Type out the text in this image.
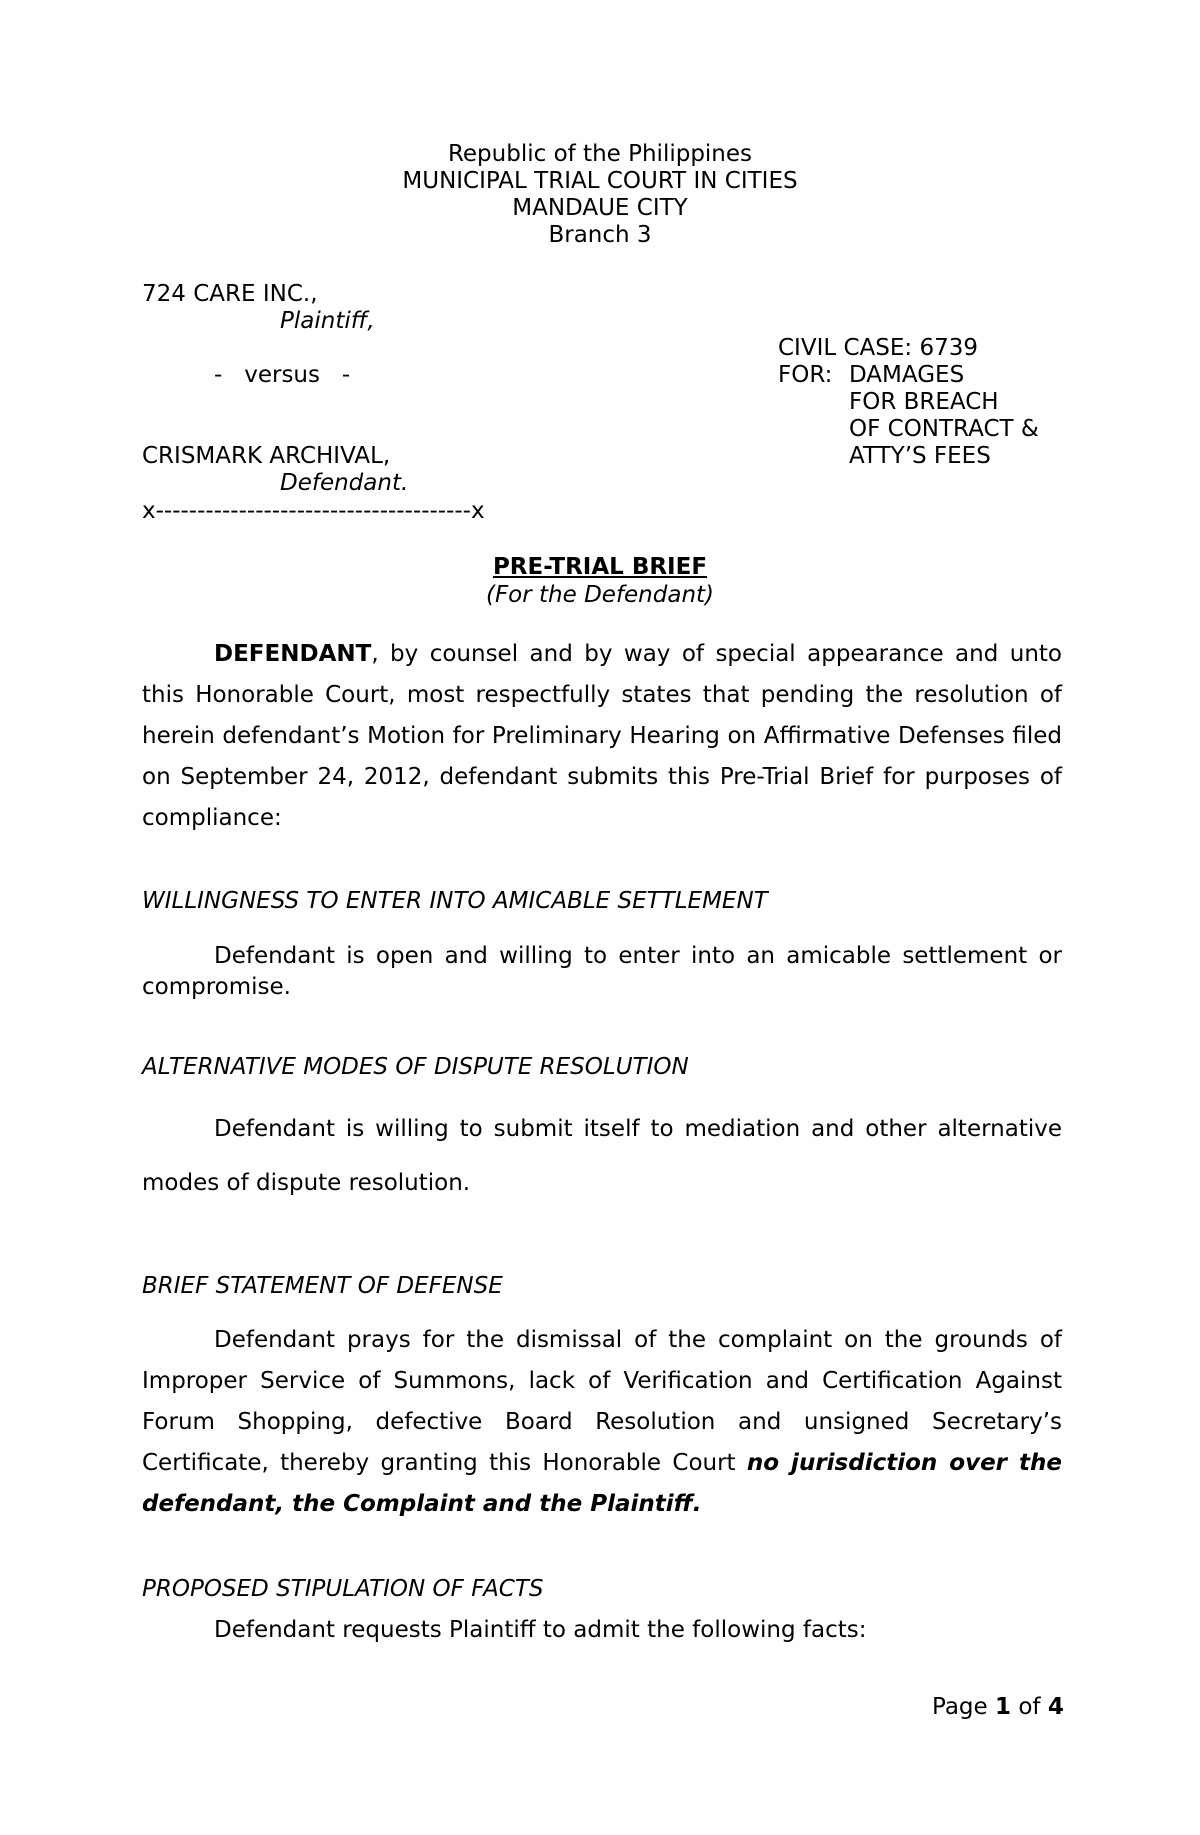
Republic of the Philippines
MUNICIPAL TRIAL COURT IN CITIES
MANDAUE CITY
Branch 3
724 CARE INC.,
Plaintiff,
-   versus   -
CRISMARK ARCHIVAL,
Defendant.
x--------------------------------------x
CIVIL CASE: 6739
FOR: DAMAGES
FOR BREACH
OF CONTRACT &
ATTY’S FEES
PRE-TRIAL BRIEF
(For the Defendant)
DEFENDANT, by counsel and by way of special appearance and unto this Honorable Court, most respectfully states that pending the resolution of herein defendant’s Motion for Preliminary Hearing on Affirmative Defenses filed on September 24, 2012, defendant submits this Pre-Trial Brief for purposes of compliance:
WILLINGNESS TO ENTER INTO AMICABLE SETTLEMENT
Defendant is open and willing to enter into an amicable settlement or compromise.
ALTERNATIVE MODES OF DISPUTE RESOLUTION
Defendant is willing to submit itself to mediation and other alternative modes of dispute resolution.
BRIEF STATEMENT OF DEFENSE
Defendant prays for the dismissal of the complaint on the grounds of Improper Service of Summons, lack of Verification and Certification Against Forum Shopping, defective Board Resolution and unsigned Secretary’s Certificate, thereby granting this Honorable Court no jurisdiction over the defendant, the Complaint and the Plaintiff.
PROPOSED STIPULATION OF FACTS
Defendant requests Plaintiff to admit the following facts:
Page 1 of 4
